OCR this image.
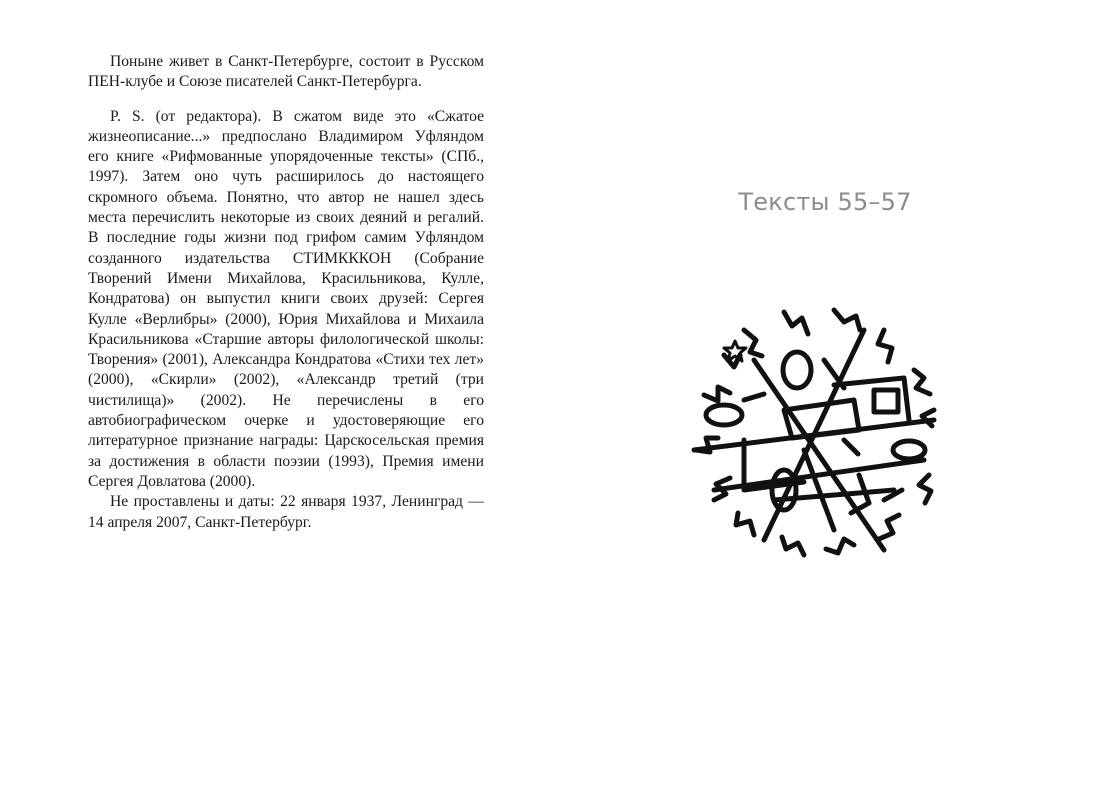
Поныне живет в Санкт-Петербурге, состоит в Русском ПЕН-клубе и Союзе писателей Санкт-Петербурга.

P. S. (от редактора). В сжатом виде это «Сжатое жизнеописание...» предпослано Владимиром Уфляндом его книге «Рифмованные упорядоченные тексты» (СПб., 1997). Затем оно чуть расширилось до настоящего скромного объема. Понятно, что автор не нашел здесь места перечислить некоторые из своих деяний и регалий. В последние годы жизни под грифом самим Уфляндом созданного издательства СТИМКККОН (Собрание Творений Имени Михайлова, Красильникова, Кулле, Кондратова) он выпустил книги своих друзей: Сергея Кулле «Верлибры» (2000), Юрия Михайлова и Михаила Красильникова «Старшие авторы филологической школы: Творения» (2001), Александра Кондратова «Стихи тех лет» (2000), «Скирли» (2002), «Александр третий (три чистилища)» (2002). Не перечислены в его автобиографическом очерке и удостоверяющие его литературное признание награды: Царскосельская премия за достижения в области поэзии (1993), Премия имени Сергея Довлатова (2000).

Не проставлены и даты: 22 января 1937, Ленинград — 14 апреля 2007, Санкт-Петербург.

Тексты 55–57
